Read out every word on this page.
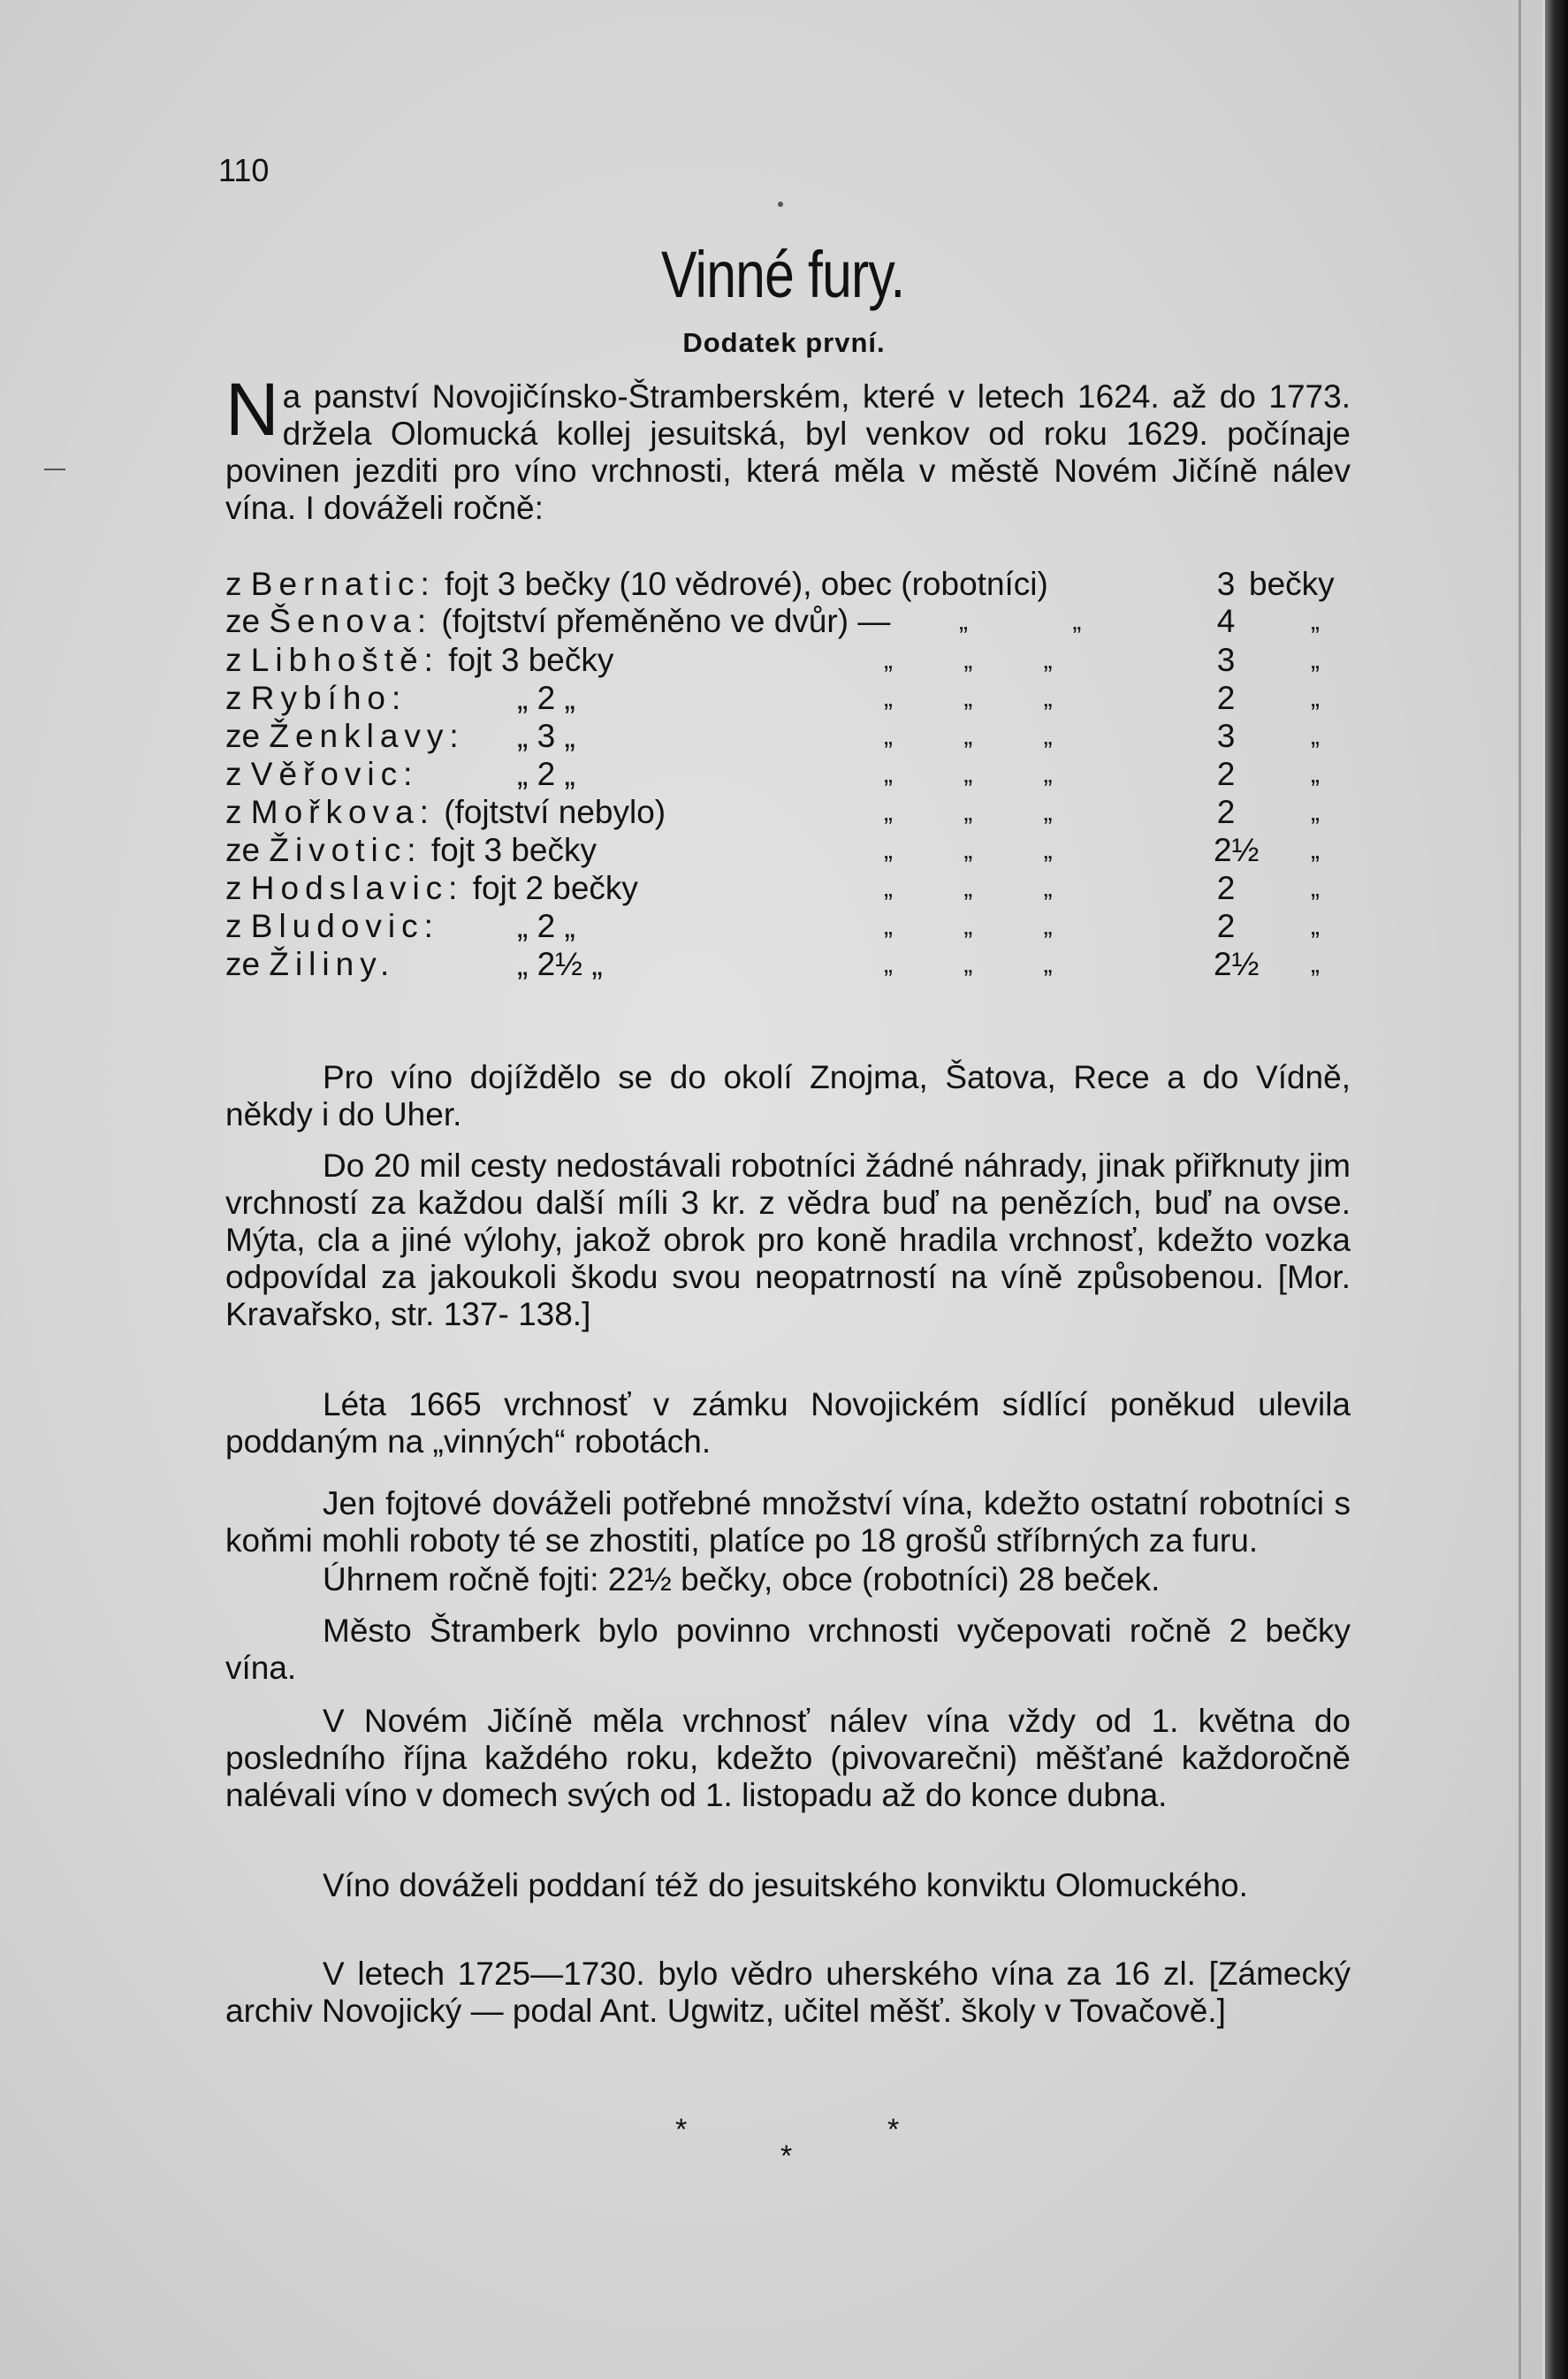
110
Vinné fury.
Dodatek první.
Na panství Novojičínsko-Štramberském, které v letech 1624. až do 1773. držela Olomucká kollej jesuitská, byl venkov od roku 1629. počínaje povinen jezditi pro víno vrchnosti, která měla v městě Novém Jičíně nálev vína. I dováželi ročně:
z Bernatic: fojt 3 bečky (10 vědrové), obec (robotníci)	3 bečky
ze Šenova: (fojtství přeměněno ve dvůr) —	„ „	4	„
z Libhoště: fojt 3 bečky	„ „ „	3	„
z Rybího:	„ 2 „	„ „ „	2	„
ze Ženklavy: „ 3 „	„ „ „	3	„
z Věřovic:	„ 2 „	„ „ „	2	„
z Mořkova: (fojtství nebylo)	„ „ „	2	„
ze Životic: fojt 3 bečky	„ „ „	2½ „
z Hodslavic: fojt 2 bečky	„ „ „	2	„
z Bludovic: „ 2 „	„ „ „	2	„
ze Žiliny.	„ 2½ „	„ „ „	2½ „
Úhrnem ročně fojti: 22½ bečky, obce (robotníci) 28 beček.
Pro víno dojíždělo se do okolí Znojma, Šatova, Rece a do Vídně, někdy i do Uher.
Do 20 mil cesty nedostávali robotníci žádné náhrady, jinak přiřknuty jim vrchností za každou další míli 3 kr. z vědra buď na penězích, buď na ovse. Mýta, cla a jiné výlohy, jakož obrok pro koně hradila vrchnosť, kdežto vozka odpovídal za jakoukoli škodu svou neopatrností na víně způsobenou. [Mor. Kravařsko, str. 137- 138.]
Léta 1665 vrchnosť v zámku Novojickém sídlící poněkud ulevila poddaným na „vinných“ robotách.
Jen fojtové dováželi potřebné množství vína, kdežto ostatní robotníci s koňmi mohli roboty té se zhostiti, platíce po 18 grošů stříbrných za furu.
Město Štramberk bylo povinno vrchnosti vyčepovati ročně 2 bečky vína.
V Novém Jičíně měla vrchnosť nálev vína vždy od 1. května do posledního října každého roku, kdežto (pivovarečni) měšťané každoročně nalévali víno v domech svých od 1. listopadu až do konce dubna.
Víno dováželi poddaní též do jesuitského konviktu Olomuckého.
V letech 1725—1730. bylo vědro uherského vína za 16 zl. [Zámecký archiv Novojický — podal Ant. Ugwitz, učitel měšť. školy v Tovačově.]
*
*
*
